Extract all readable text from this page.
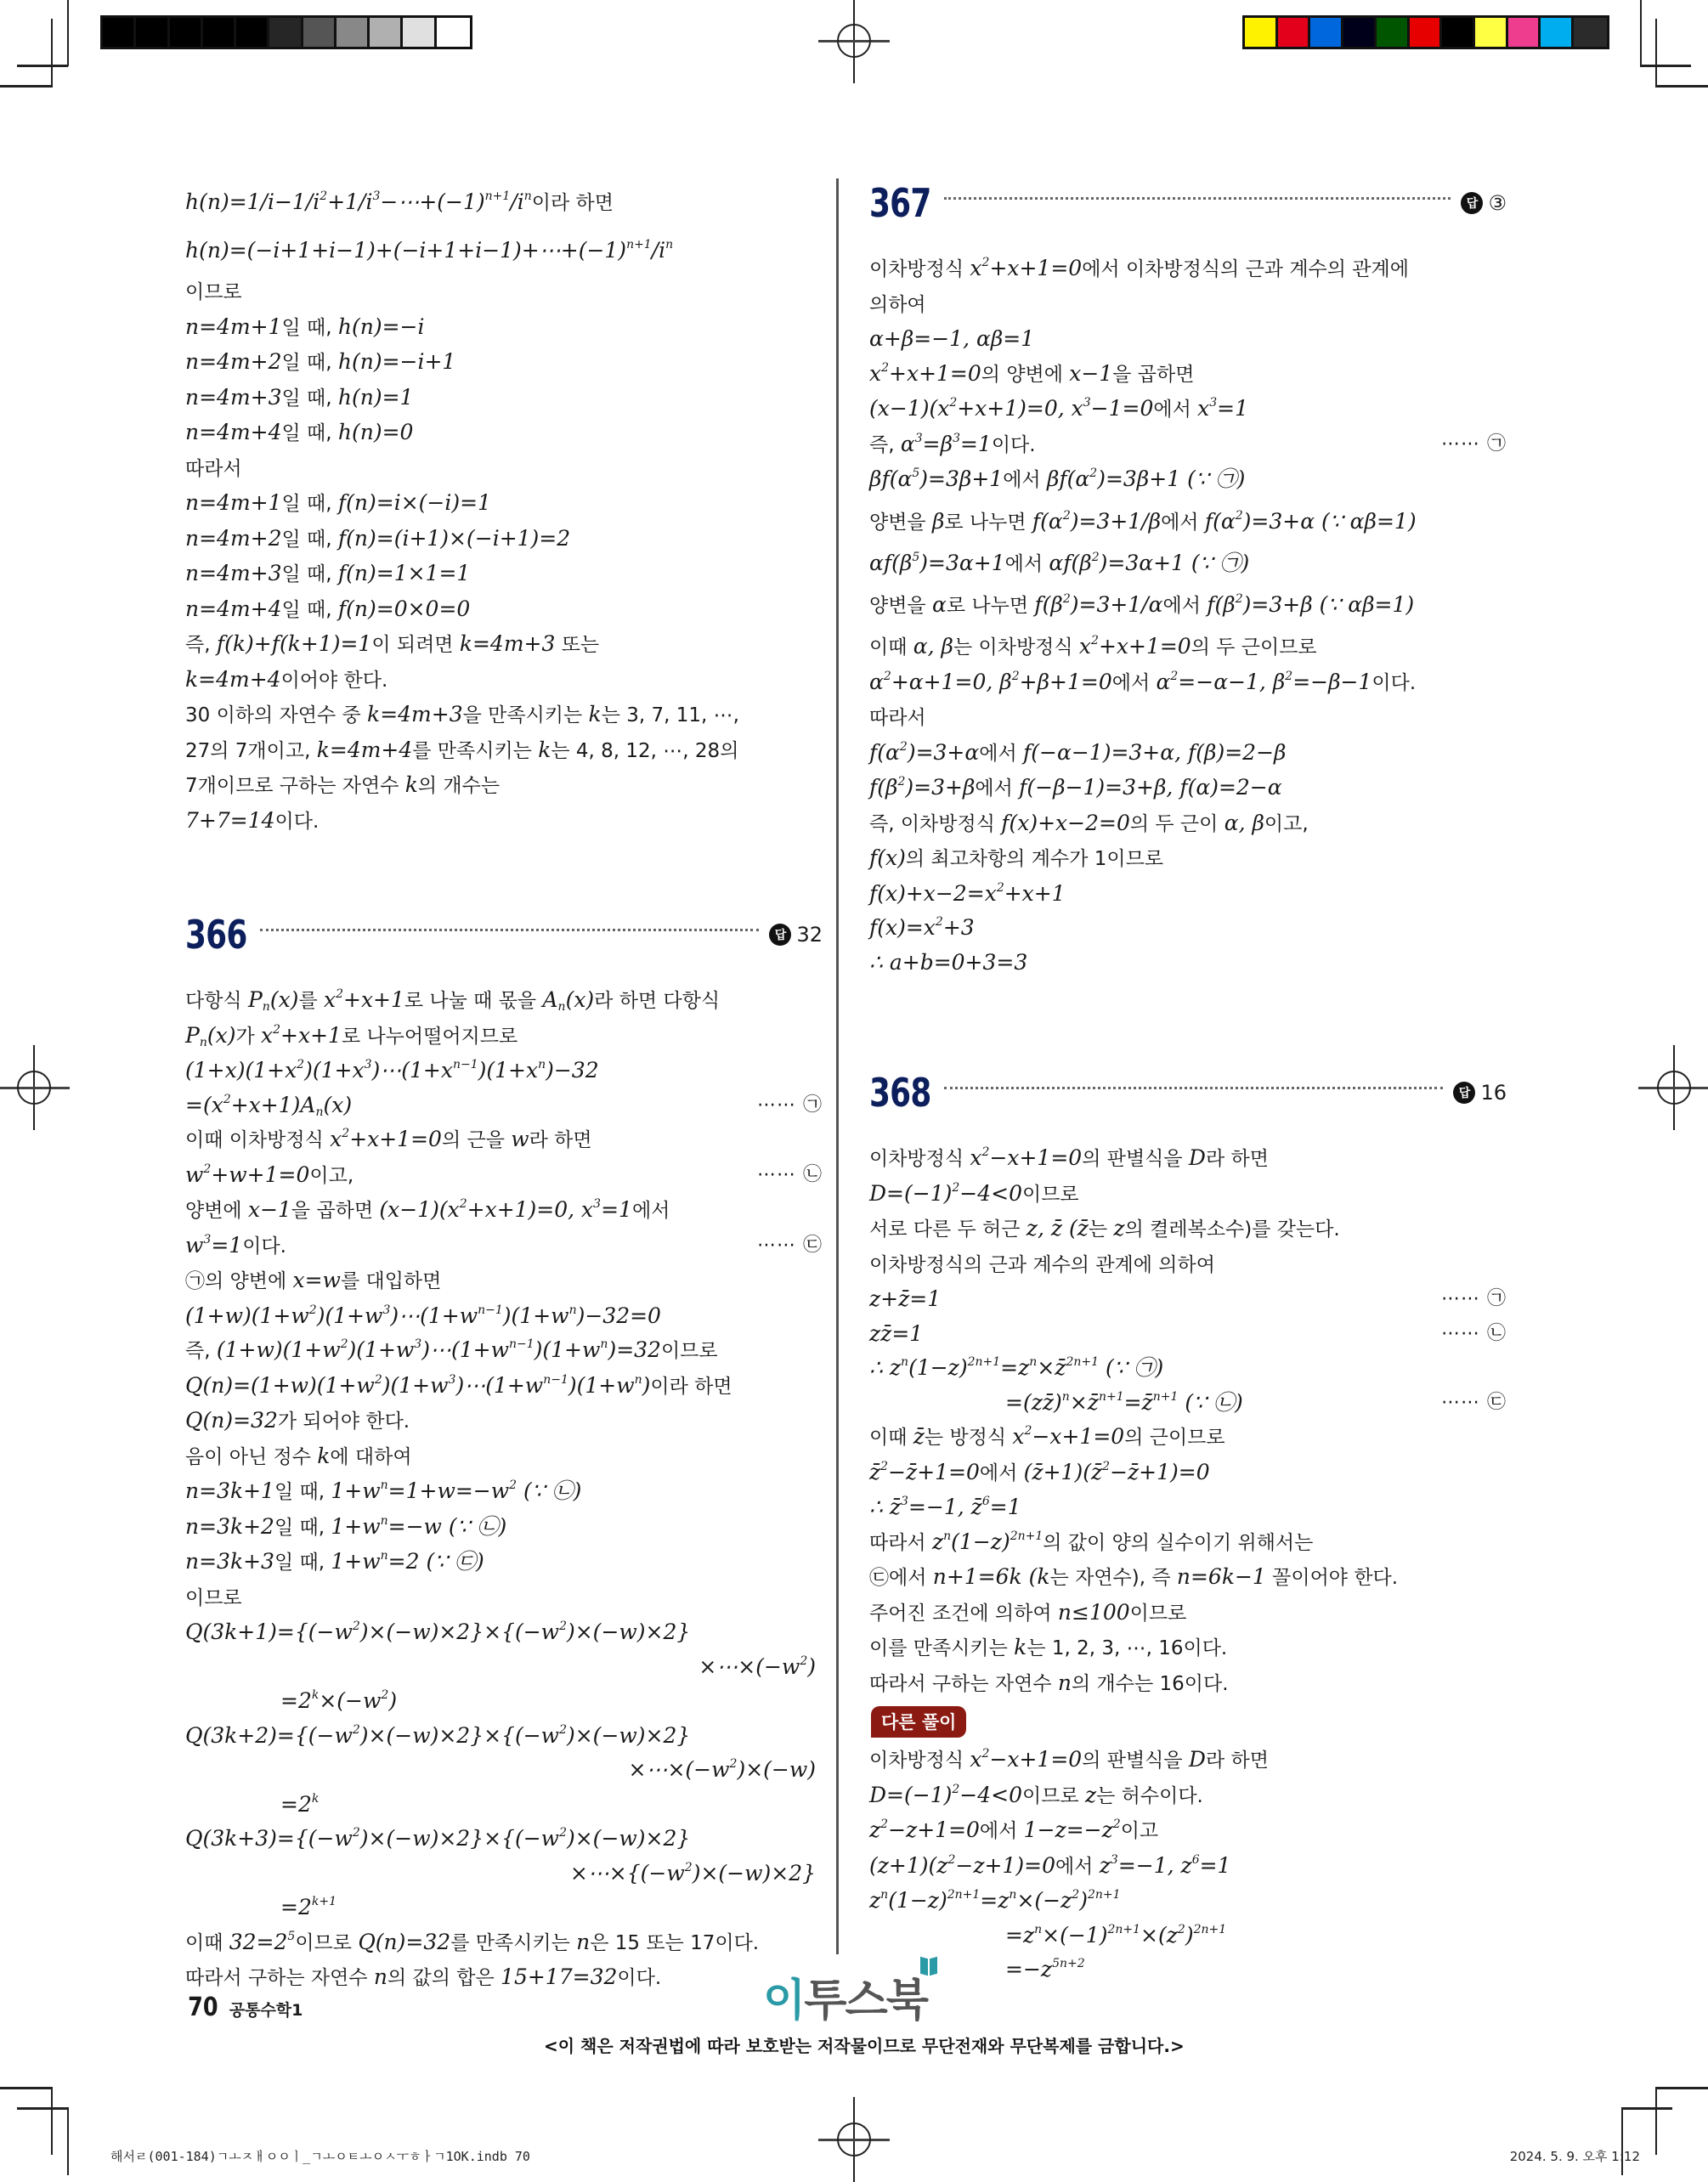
$h(n)=1/i-1/i^2+1/i^3-\cdots+(-1)^{n+1}/i^n$이라 하면
$h(n)=(-i+1+i-1)+(-i+1+i-1)+\cdots+(-1)^{n+1}/i^n$
이므로
n=4m+1일 때, h(n)=−i
n=4m+2일 때, h(n)=−i+1
n=4m+3일 때, h(n)=1
n=4m+4일 때, h(n)=0
따라서
n=4m+1일 때, f(n)=i×(−i)=1
n=4m+2일 때, f(n)=(i+1)×(−i+1)=2
n=4m+3일 때, f(n)=1×1=1
n=4m+4일 때, f(n)=0×0=0
즉, f(k)+f(k+1)=1이 되려면 k=4m+3 또는
k=4m+4이어야 한다.
30 이하의 자연수 중 k=4m+3을 만족시키는 k는 3, 7, 11, ⋯,
27의 7개이고, k=4m+4를 만족시키는 k는 4, 8, 12, ⋯, 28의
7개이므로 구하는 자연수 k의 개수는
7+7=14이다.
366	답 32
다항식 $P_n(x)$를 $x^2+x+1$로 나눌 때 몫을 $A_n(x)$라 하면 다항식
$P_n(x)$가 $x^2+x+1$로 나누어떨어지므로
$(1+x)(1+x^2)(1+x^3)\cdots(1+x^{n-1})(1+x^n)-32$
$=(x^2+x+1)A_n(x)$	⋯⋯ ㉠
이때 이차방정식 $x^2+x+1=0$의 근을 w라 하면
$w^2+w+1=0$이고,	⋯⋯ ㉡
양변에 x−1을 곱하면 $(x-1)(x^2+x+1)=0$, $x^3=1$에서
$w^3=1$이다.	⋯⋯ ㉢
㉠의 양변에 x=w를 대입하면
$(1+w)(1+w^2)(1+w^3)\cdots(1+w^{n-1})(1+w^n)-32=0$
즉, $(1+w)(1+w^2)(1+w^3)\cdots(1+w^{n-1})(1+w^n)=32$이므로
$Q(n)=(1+w)(1+w^2)(1+w^3)\cdots(1+w^{n-1})(1+w^n)$이라 하면
Q(n)=32가 되어야 한다.
음이 아닌 정수 k에 대하여
n=3k+1일 때, $1+w^n=1+w=-w^2$ (∵ ㉡)
n=3k+2일 때, $1+w^n=-w$ (∵ ㉡)
n=3k+3일 때, $1+w^n=2$ (∵ ㉢)
이므로
$Q(3k+1)=\{(-w^2)\times(-w)\times 2\}\times\{(-w^2)\times(-w)\times 2\}$
$\times\cdots\times(-w^2)$
$=2^k\times(-w^2)$
$Q(3k+2)=\{(-w^2)\times(-w)\times 2\}\times\{(-w^2)\times(-w)\times 2\}$
$\times\cdots\times(-w^2)\times(-w)$
$=2^k$
$Q(3k+3)=\{(-w^2)\times(-w)\times 2\}\times\{(-w^2)\times(-w)\times 2\}$
$\times\cdots\times\{(-w^2)\times(-w)\times 2\}$
$=2^{k+1}$
이때 $32=2^5$이므로 Q(n)=32를 만족시키는 n은 15 또는 17이다.
따라서 구하는 자연수 n의 값의 합은 15+17=32이다.
367	답 ③
이차방정식 $x^2+x+1=0$에서 이차방정식의 근과 계수의 관계에
의하여
α+β=−1, αβ=1
$x^2+x+1=0$의 양변에 x−1을 곱하면
$(x-1)(x^2+x+1)=0$, $x^3-1=0$에서 $x^3=1$
즉, $\alpha^3=\beta^3=1$이다.	⋯⋯ ㉠
$\beta f(\alpha^5)=3\beta+1$에서 $\beta f(\alpha^2)=3\beta+1$ (∵ ㉠)
양변을 β로 나누면 $f(\alpha^2)=3+1/\beta$에서 $f(\alpha^2)=3+\alpha$ (∵ αβ=1)
$\alpha f(\beta^5)=3\alpha+1$에서 $\alpha f(\beta^2)=3\alpha+1$ (∵ ㉠)
양변을 α로 나누면 $f(\beta^2)=3+1/\alpha$에서 $f(\beta^2)=3+\beta$ (∵ αβ=1)
이때 α, β는 이차방정식 $x^2+x+1=0$의 두 근이므로
$\alpha^2+\alpha+1=0$, $\beta^2+\beta+1=0$에서 $\alpha^2=-\alpha-1$, $\beta^2=-\beta-1$이다.
따라서
$f(\alpha^2)=3+\alpha$에서 f(−α−1)=3+α, f(β)=2−β
$f(\beta^2)=3+\beta$에서 f(−β−1)=3+β, f(α)=2−α
즉, 이차방정식 f(x)+x−2=0의 두 근이 α, β이고,
f(x)의 최고차항의 계수가 1이므로
$f(x)+x-2=x^2+x+1$
$f(x)=x^2+3$
∴ a+b=0+3=3
368	답 16
이차방정식 $x^2-x+1=0$의 판별식을 D라 하면
$D=(-1)^2-4<0$이므로
서로 다른 두 허근 z, z̄ (z̄는 z의 켤레복소수)를 갖는다.
이차방정식의 근과 계수의 관계에 의하여
z+z̄=1	⋯⋯ ㉠
zz̄=1	⋯⋯ ㉡
∴ $z^n(1-z)^{2n+1}=z^n\times z̄^{2n+1}$ (∵ ㉠)
=(zz̄)$^n$×z̄$^{n+1}$=z̄$^{n+1}$ (∵ ㉡)	⋯⋯ ㉢
이때 z̄는 방정식 $x^2-x+1=0$의 근이므로
z̄$^2$−z̄+1=0에서 (z̄+1)(z̄$^2$−z̄+1)=0
∴ z̄$^3$=−1, z̄$^6$=1
따라서 $z^n(1-z)^{2n+1}$의 값이 양의 실수이기 위해서는
㉢에서 n+1=6k (k는 자연수), 즉 n=6k−1 꼴이어야 한다.
주어진 조건에 의하여 n≤100이므로
이를 만족시키는 k는 1, 2, 3, ⋯, 16이다.
따라서 구하는 자연수 n의 개수는 16이다.
다른 풀이
이차방정식 $x^2-x+1=0$의 판별식을 D라 하면
$D=(-1)^2-4<0$이므로 z는 허수이다.
$z^2-z+1=0$에서 $1-z=-z^2$이고
$(z+1)(z^2-z+1)=0$에서 $z^3=-1$, $z^6=1$
$z^n(1-z)^{2n+1}=z^n\times(-z^2)^{2n+1}$
$=z^n\times(-1)^{2n+1}\times(z^2)^{2n+1}$
$=-z^{5n+2}$
70 공통수학1	이투스북
<이 책은 저작권법에 따라 보호받는 저작물이므로 무단전재와 무단복제를 금합니다.>
해서ㄹ(001-184)ㄱㅗㅈㅐㅇㅇㅣ_ㄱㅗㅇㅌㅗㅇㅅㅜㅎㅏㄱ1OK.indb 70	2024. 5. 9. 오후 1:12
